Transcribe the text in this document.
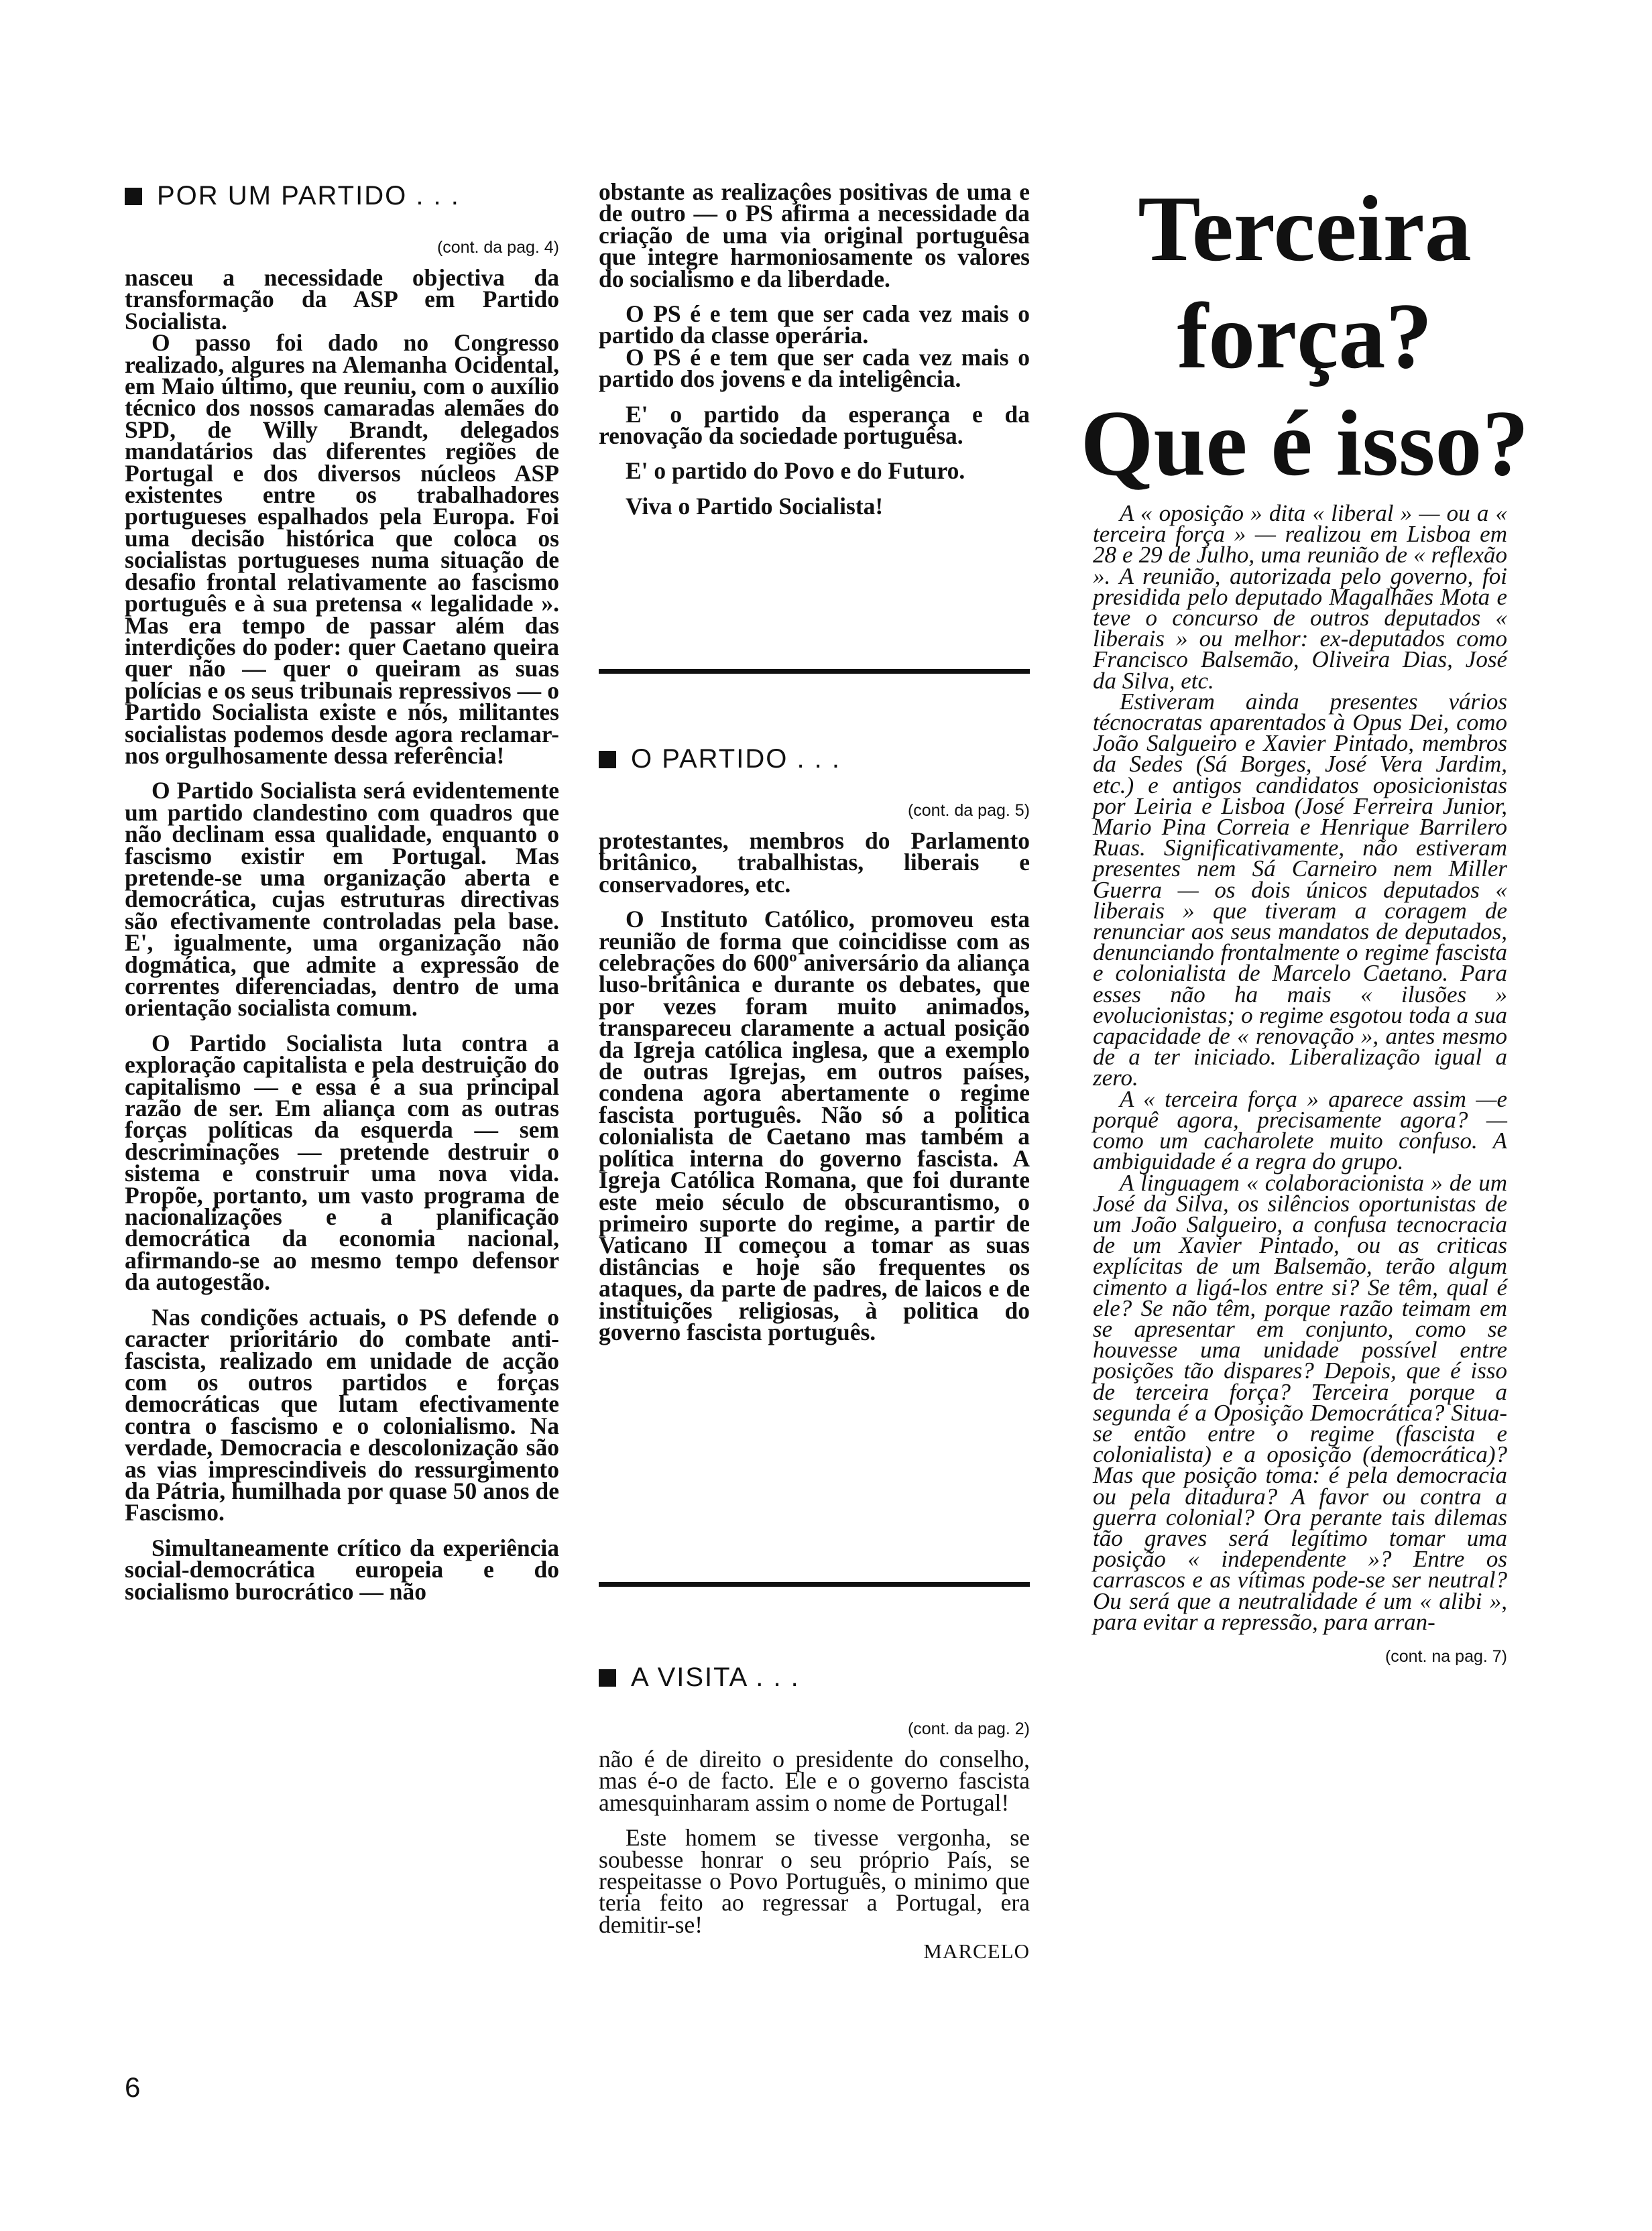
POR UM PARTIDO . . .
(cont. da pag. 4)

nasceu a necessidade objectiva da transformação da ASP em Partido Socialista.

O passo foi dado no Congresso realizado, algures na Alemanha Ocidental, em Maio último, que reuniu, com o auxílio técnico dos nossos camaradas alemães do SPD, de Willy Brandt, delegados mandatários das diferentes regiões de Portugal e dos diversos núcleos ASP existentes entre os trabalhadores portugueses espalhados pela Europa. Foi uma decisão histórica que coloca os socialistas portugueses numa situação de desafio frontal relativamente ao fascismo português e à sua pretensa « legalidade ». Mas era tempo de passar além das interdições do poder: quer Caetano queira quer não — quer o queiram as suas polícias e os seus tribunais repressivos — o Partido Socialista existe e nós, militantes socialistas podemos desde agora reclamar-nos orgulhosamente dessa referência!

O Partido Socialista será evidentemente um partido clandestino com quadros que não declinam essa qualidade, enquanto o fascismo existir em Portugal. Mas pretende-se uma organização aberta e democrática, cujas estruturas directivas são efectivamente controladas pela base. E', igualmente, uma organização não dogmática, que admite a expressão de correntes diferenciadas, dentro de uma orientação socialista comum.

O Partido Socialista luta contra a exploração capitalista e pela destruição do capitalismo — e essa é a sua principal razão de ser. Em aliança com as outras forças políticas da esquerda — sem descriminações — pretende destruir o sistema e construir uma nova vida. Propõe, portanto, um vasto programa de nacionalizações e a planificação democrática da economia nacional, afirmando-se ao mesmo tempo defensor da autogestão.

Nas condições actuais, o PS defende o caracter prioritário do combate anti-fascista, realizado em unidade de acção com os outros partidos e forças democráticas que lutam efectivamente contra o fascismo e o colonialismo. Na verdade, Democracia e descolonização são as vias imprescindiveis do ressurgimento da Pátria, humilhada por quase 50 anos de Fascismo.

Simultaneamente crítico da experiência social-democrática europeia e do socialismo burocrático — não

obstante as realizaçôes positivas de uma e de outro — o PS afirma a necessidade da criação de uma via original portuguêsa que integre harmoniosamente os valores do socialismo e da liberdade.

O PS é e tem que ser cada vez mais o partido da classe operária.

O PS é e tem que ser cada vez mais o partido dos jovens e da inteligência.

E' o partido da esperança e da renovação da sociedade portuguêsa.

E' o partido do Povo e do Futuro.

Viva o Partido Socialista!

O PARTIDO . . .
(cont. da pag. 5)

protestantes, membros do Parlamento britânico, trabalhistas, liberais e conservadores, etc.

O Instituto Católico, promoveu esta reunião de forma que coincidisse com as celebrações do 600º aniversário da aliança luso-britânica e durante os debates, que por vezes foram muito animados, transpareceu claramente a actual posição da Igreja católica inglesa, que a exemplo de outras Igrejas, em outros países, condena agora abertamente o regime fascista português. Não só a politica colonialista de Caetano mas também a política interna do governo fascista. A Igreja Católica Romana, que foi durante este meio século de obscurantismo, o primeiro suporte do regime, a partir de Vaticano II começou a tomar as suas distâncias e hoje são frequentes os ataques, da parte de padres, de laicos e de instituições religiosas, à politica do governo fascista português.

A VISITA . . .
(cont. da pag. 2)

não é de direito o presidente do conselho, mas é-o de facto. Ele e o governo fascista amesquinharam assim o nome de Portugal!

Este homem se tivesse vergonha, se soubesse honrar o seu próprio País, se respeitasse o Povo Português, o minimo que teria feito ao regressar a Portugal, era demitir-se!

MARCELO
Terceira
força?
Que é isso?

A « oposição » dita « liberal » — ou a « terceira força » — realizou em Lisboa em 28 e 29 de Julho, uma reunião de « reflexão ». A reunião, autorizada pelo governo, foi presidida pelo deputado Magalhães Mota e teve o concurso de outros deputados « liberais » ou melhor: ex-deputados como Francisco Balsemão, Oliveira Dias, José da Silva, etc.

Estiveram ainda presentes vários técnocratas aparentados à Opus Dei, como João Salgueiro e Xavier Pintado, membros da Sedes (Sá Borges, José Vera Jardim, etc.) e antigos candidatos oposicionistas por Leiria e Lisboa (José Ferreira Junior, Mario Pina Correia e Henrique Barrilero Ruas. Significativamente, não estiveram presentes nem Sá Carneiro nem Miller Guerra — os dois únicos deputados « liberais » que tiveram a coragem de renunciar aos seus mandatos de deputados, denunciando frontalmente o regime fascista e colonialista de Marcelo Caetano. Para esses não ha mais « ilusões » evolucionistas; o regime esgotou toda a sua capacidade de « renovação », antes mesmo de a ter iniciado. Liberalização igual a zero.

A « terceira força » aparece assim —e porquê agora, precisamente agora? — como um cacharolete muito confuso. A ambiguidade é a regra do grupo.

A linguagem « colaboracionista » de um José da Silva, os silêncios oportunistas de um João Salgueiro, a confusa tecnocracia de um Xavier Pintado, ou as criticas explícitas de um Balsemão, terão algum cimento a ligá-los entre si? Se têm, qual é ele? Se não têm, porque razão teimam em se apresentar em conjunto, como se houvesse uma unidade possível entre posições tão dispares? Depois, que é isso de terceira força? Terceira porque a segunda é a Oposição Democrática? Situa-se então entre o regime (fascista e colonialista) e a oposição (democrática)? Mas que posição toma: é pela democracia ou pela ditadura? A favor ou contra a guerra colonial? Ora perante tais dilemas tão graves será legítimo tomar uma posição « independente »? Entre os carrascos e as vítimas pode-se ser neutral? Ou será que a neutralidade é um « alibi », para evitar a repressão, para arran-

(cont. na pag. 7)
6
